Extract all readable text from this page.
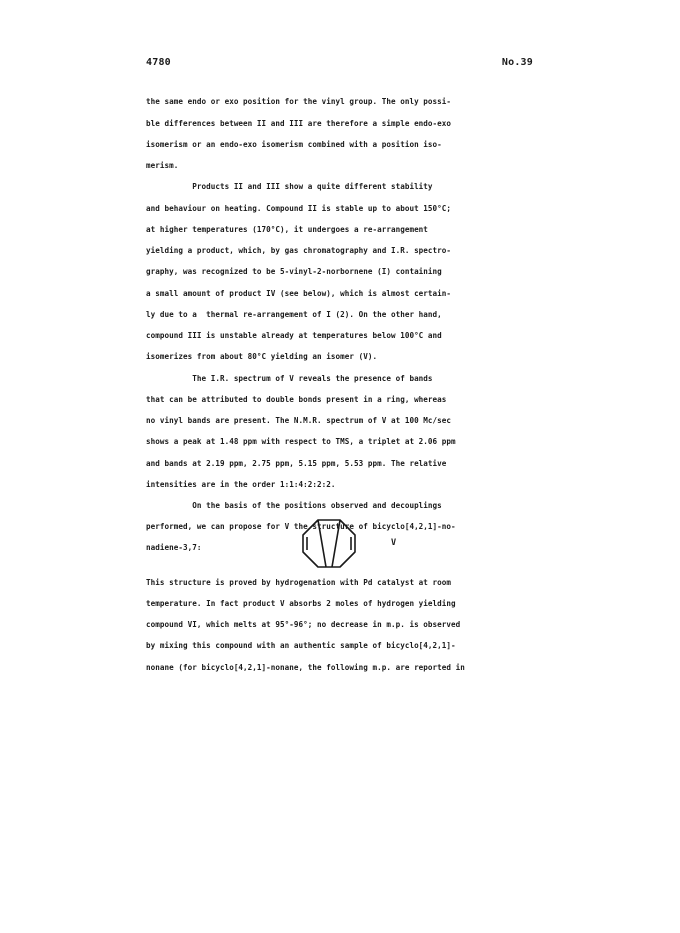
4780	No.39
the same endo or exo position for the vinyl group. The only possi-
ble differences between II and III are therefore a simple endo-exo
isomerism or an endo-exo isomerism combined with a position iso-
merism.
Products II and III show a quite different stability
and behaviour on heating. Compound II is stable up to about 150°C;
at higher temperatures (170°C), it undergoes a re-arrangement
yielding a product, which, by gas chromatography and I.R. spectro-
graphy, was recognized to be 5-vinyl-2-norbornene (I) containing
a small amount of product IV (see below), which is almost certain-
ly due to a  thermal re-arrangement of I (2). On the other hand,
compound III is unstable already at temperatures below 100°C and
isomerizes from about 80°C yielding an isomer (V).
The I.R. spectrum of V reveals the presence of bands
that can be attributed to double bonds present in a ring, whereas
no vinyl bands are present. The N.M.R. spectrum of V at 100 Mc/sec
shows a peak at 1.48 ppm with respect to TMS, a triplet at 2.06 ppm
and bands at 2.19 ppm, 2.75 ppm, 5.15 ppm, 5.53 ppm. The relative
intensities are in the order 1:1:4:2:2:2.
On the basis of the positions observed and decouplings
performed, we can propose for V the structure of bicyclo[4,2,1]-no-
nadiene-3,7:
This structure is proved by hydrogenation with Pd catalyst at room
temperature. In fact product V absorbs 2 moles of hydrogen yielding
compound VI, which melts at 95°-96°; no decrease in m.p. is observed
by mixing this compound with an authentic sample of bicyclo[4,2,1]-
nonane (for bicyclo[4,2,1]-nonane, the following m.p. are reported in
V
